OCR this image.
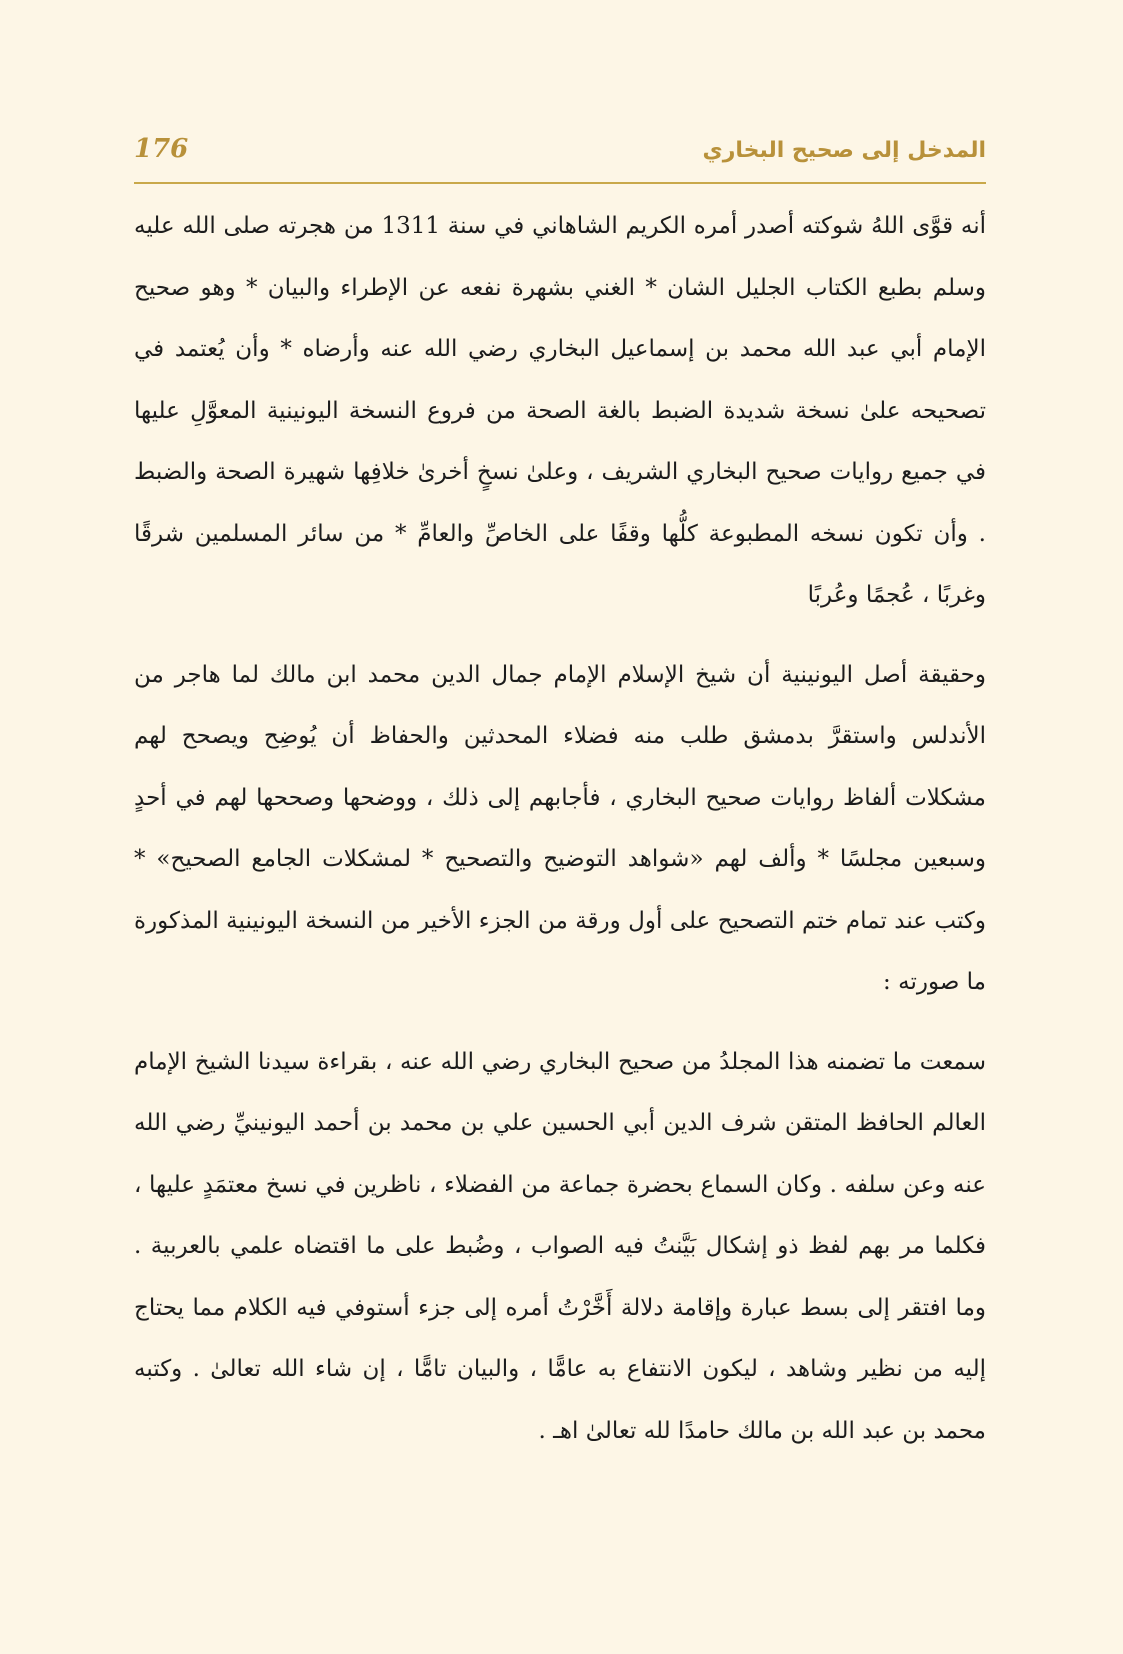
المدخل إلى صحيح البخاري
176

أنه قوَّى اللهُ شوكته أصدر أمره الكريم الشاهاني في سنة 1311 من هجرته صلى الله عليه وسلم بطبع الكتاب الجليل الشان * الغني بشهرة نفعه عن الإطراء والبيان * وهو صحيح الإمام أبي عبد الله محمد بن إسماعيل البخاري رضي الله عنه وأرضاه * وأن يُعتمد في تصحيحه علىٰ نسخة شديدة الضبط بالغة الصحة من فروع النسخة اليونينية المعوَّلِ عليها في جميع روايات صحيح البخاري الشريف ، وعلىٰ نسخٍ أخرىٰ خلافِها شهيرة الصحة والضبط . وأن تكون نسخه المطبوعة كلُّها وقفًا على الخاصِّ والعامِّ * من سائر المسلمين شرقًا وغربًا ، عُجمًا وعُربًا

وحقيقة أصل اليونينية أن شيخ الإسلام الإمام جمال الدين محمد ابن مالك لما هاجر من الأندلس واستقرَّ بدمشق طلب منه فضلاء المحدثين والحفاظ أن يُوضِح ويصحح لهم مشكلات ألفاظ روايات صحيح البخاري ، فأجابهم إلى ذلك ، ووضحها وصححها لهم في أحدٍ وسبعين مجلسًا * وألف لهم «شواهد التوضيح والتصحيح * لمشكلات الجامع الصحيح» * وكتب عند تمام ختم التصحيح على أول ورقة من الجزء الأخير من النسخة اليونينية المذكورة ما صورته :

سمعت ما تضمنه هذا المجلدُ من صحيح البخاري رضي الله عنه ، بقراءة سيدنا الشيخ الإمام العالم الحافظ المتقن شرف الدين أبي الحسين علي بن محمد بن أحمد اليونينيِّ رضي الله عنه وعن سلفه . وكان السماع بحضرة جماعة من الفضلاء ، ناظرين في نسخ معتمَدٍ عليها ، فكلما مر بهم لفظ ذو إشكال بَيَّنتُ فيه الصواب ، وضُبط على ما اقتضاه علمي بالعربية . وما افتقر إلى بسط عبارة وإقامة دلالة أَخَّرْتُ أمره إلى جزء أستوفي فيه الكلام مما يحتاج إليه من نظير وشاهد ، ليكون الانتفاع به عامًّا ، والبيان تامًّا ، إن شاء الله تعالىٰ . وكتبه محمد بن عبد الله بن مالك حامدًا لله تعالىٰ اهـ .
